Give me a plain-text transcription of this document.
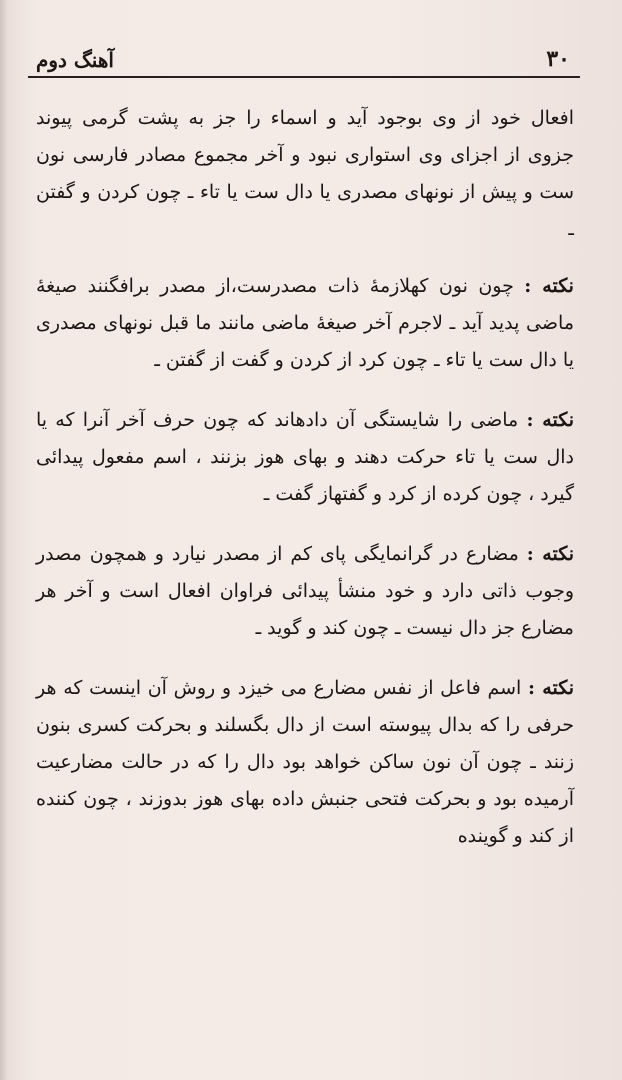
۳۰
آهنگ دوم

افعال خود از وی بوجود آید و اسماء را جز به پشت گرمی پیوند جزوی از اجزای وی استواری نبود و آخر مجموع مصادر فارسی نون ست و پیش از نونهای مصدری یا دال ست یا تاء ـ چون کردن و گفتن ـ

نکته : چون نون کهلازمهٔ ذات مصدرست،از مصدر برافگنند صیغهٔ ماضی پدید آید ـ لاجرم آخر صیغهٔ ماضی مانند ما قبل نونهای مصدری یا دال ست یا تاء ـ چون کرد از کردن و گفت از گفتن ـ

نکته : ماضی را شایستگی آن دادهاند که چون حرف آخر آنرا که یا دال ست یا تاء حرکت دهند و بهای هوز بزنند ، اسم مفعول پیدائی گیرد ، چون کرده از کرد و گفتهاز گفت ـ

نکته : مضارع در گرانمایگی پای کم از مصدر نیارد و همچون مصدر وجوب ذاتی دارد و خود منشأ پیدائی فراوان افعال است و آخر هر مضارع جز دال نیست ـ چون کند و گوید ـ

نکته : اسم فاعل از نفس مضارع می خیزد و روش آن اینست که هر حرفی را که بدال پیوسته است از دال بگسلند و بحرکت کسری بنون زنند ـ چون آن نون ساکن خواهد بود دال را که در حالت مضارعیت آرمیده بود و بحرکت فتحی جنبش داده بهای هوز بدوزند ، چون کننده از کند و گوینده
